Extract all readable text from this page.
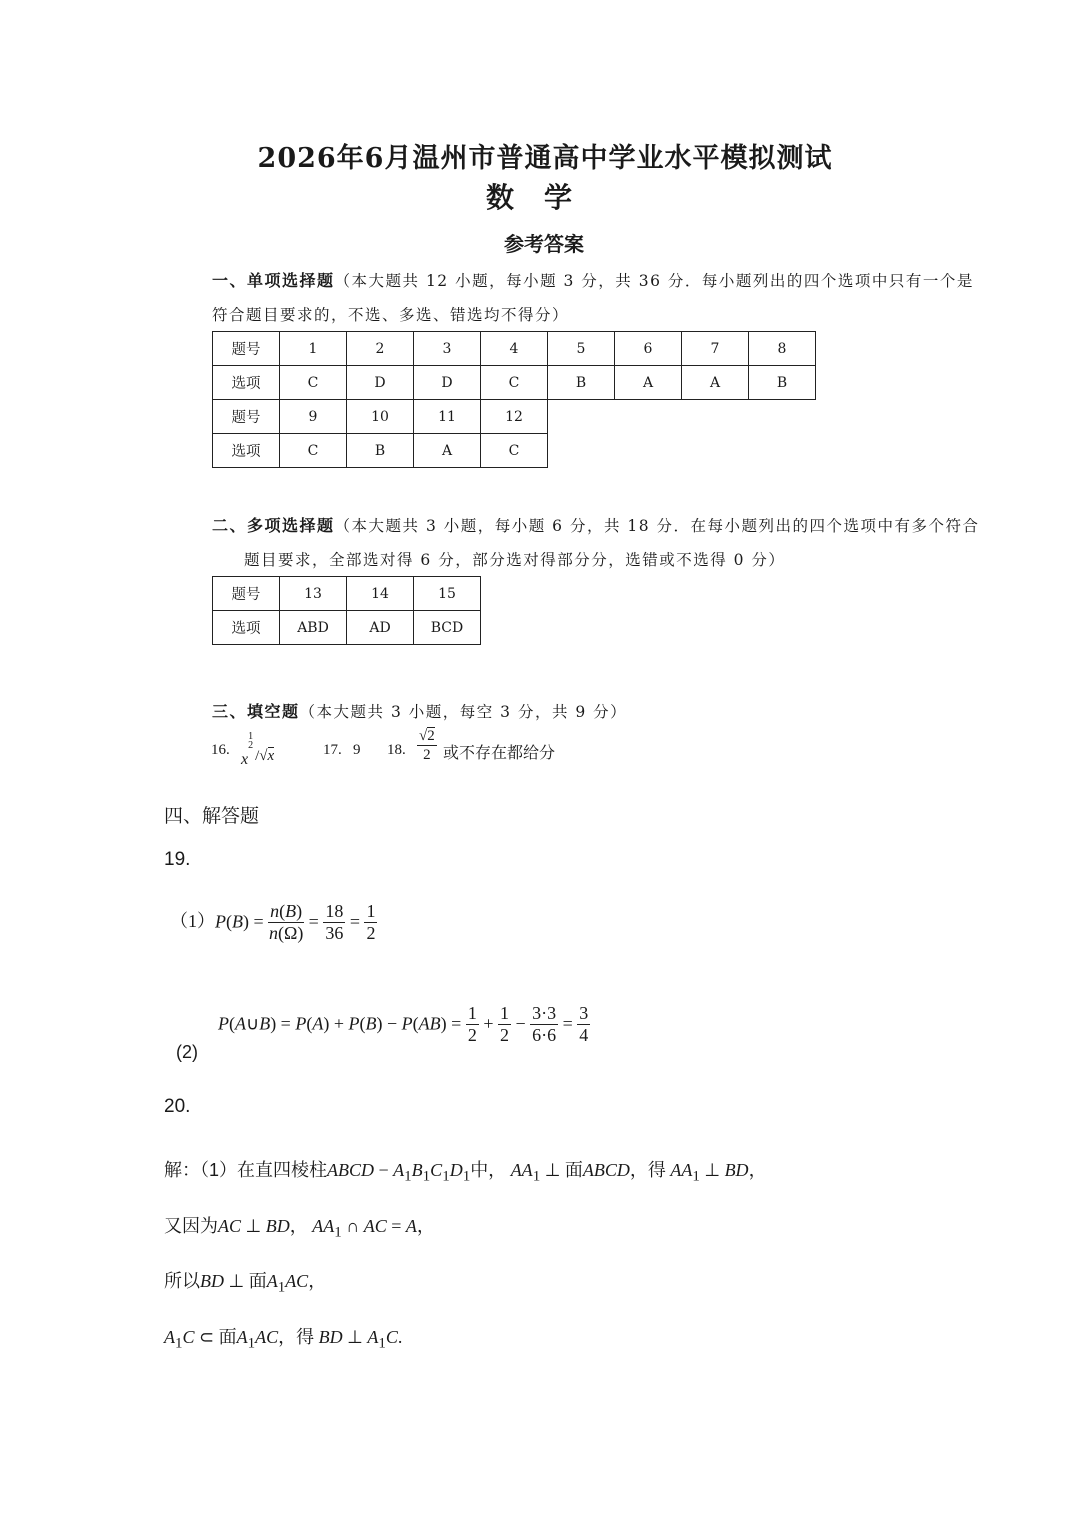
2026年6月温州市普通高中学业水平模拟测试
数学
参考答案
一、单项选择题（本大题共 12 小题，每小题 3 分，共 36 分．每小题列出的四个选项中只有一个是
符合题目要求的，不选、多选、错选均不得分）
题号	1	2	3	4	5	6	7	8
选项	C	D	D	C	B	A	A	B
题号	9	10	11	12				
选项	C	B	A	C				
二、多项选择题（本大题共 3 小题，每小题 6 分，共 18 分．在每小题列出的四个选项中有多个符合
题目要求，全部选对得 6 分，部分选对得部分分，选错或不选得 0 分）
题号	13	14	15
选项	ABD	AD	BCD
三、填空题（本大题共 3 小题，每空 3 分，共 9 分）
16.
x1
2/√x	17. 9 18. $\frac{√2}{2}$ 或不存在都给分
四、解答题
19.
$(1)P(B) = \frac{n(B)}{n(\Omega)} = \frac{18}{36} = \frac{1}{2}$
P(A∪B) = $P(A) + P(B) - P(AB) = \frac{1}{2} + \frac{1}{2} - \frac{3\cdot 3}{6\cdot 6} = \frac{3}{4}$
(2)
20.
解：（1）在直四棱柱ABCD − $A_1B_1C_1D_1$中， $AA_1$ ⊥ 面ABCD，得 $AA_1$ ⊥ BD，
又因为AC ⊥ BD， $AA_1$ ∩ AC = A，
所以BD ⊥ 面$A_1AC$，
$A_1C$ ⊂ 面$A_1AC$，得 BD ⊥ $A_1C$.
